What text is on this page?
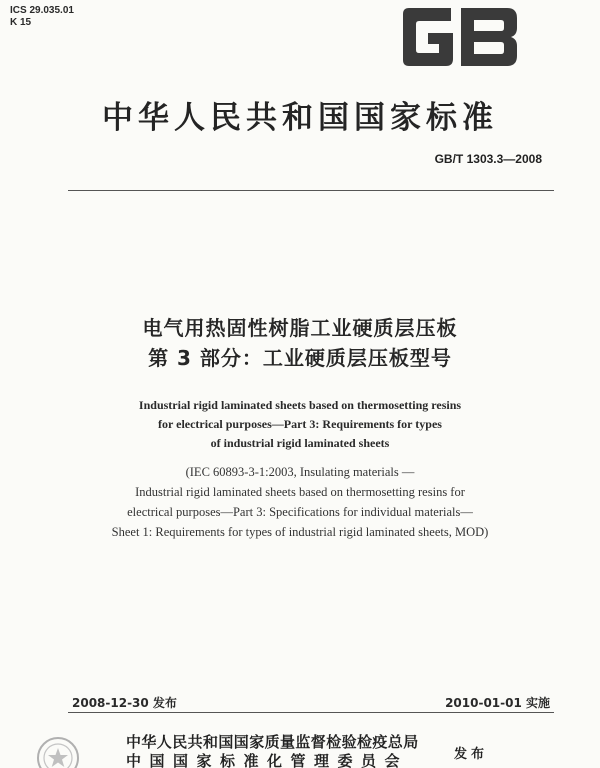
ICS 29.035.01
K 15
中华人民共和国国家标准
GB/T 1303.3—2008
电气用热固性树脂工业硬质层压板
第 3 部分：工业硬质层压板型号
Industrial rigid laminated sheets based on thermosetting resins
for electrical purposes—Part 3: Requirements for types
of industrial rigid laminated sheets
(IEC 60893-3-1:2003, Insulating materials —
Industrial rigid laminated sheets based on thermosetting resins for
electrical purposes—Part 3: Specifications for individual materials—
Sheet 1: Requirements for types of industrial rigid laminated sheets, MOD)
2008-12-30 发布	2010-01-01 实施
中华人民共和国国家质量监督检验检疫总局
中国国家标准化管理委员会	发布
